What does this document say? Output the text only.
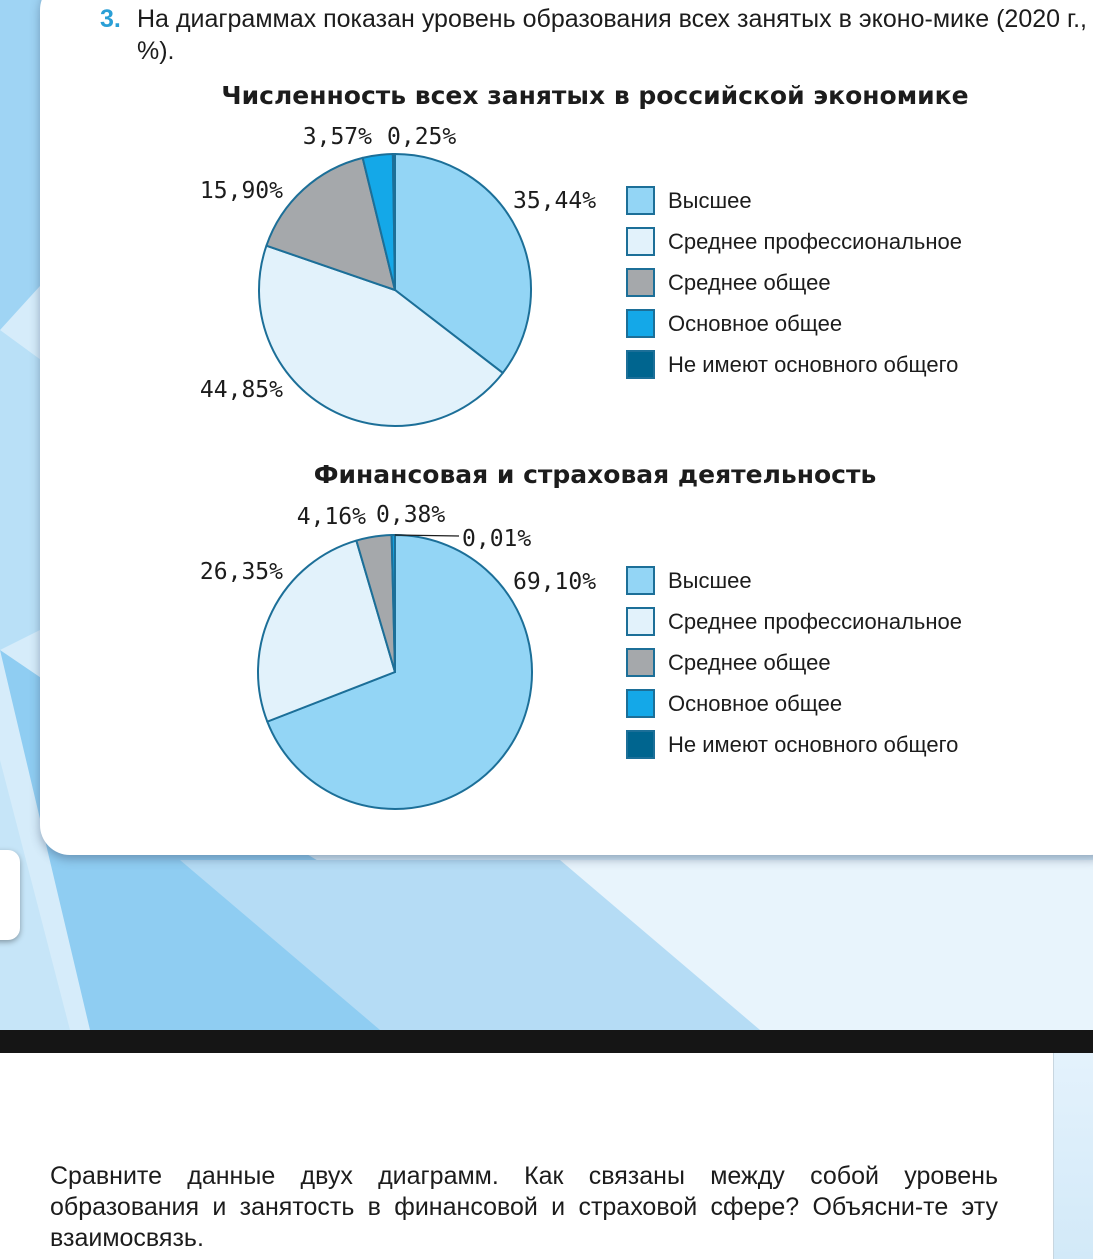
3. На диаграммах показан уровень образования всех занятых в эконо-мике (2020 г., %).
Численность всех занятых в российской экономике
35,44%
44,85%
15,90%
3,57% 0,25%
Высшее
Среднее профессиональное
Среднее общее
Основное общее
Не имеют основного общего
Финансовая и страховая деятельность
69,10%
26,35%
4,16% 0,38%
0,01%
Высшее
Среднее профессиональное
Среднее общее
Основное общее
Не имеют основного общего
Сравните данные двух диаграмм. Как связаны между собой уровень образования и занятость в финансовой и страховой сфере? Объясни-те эту взаимосвязь.
